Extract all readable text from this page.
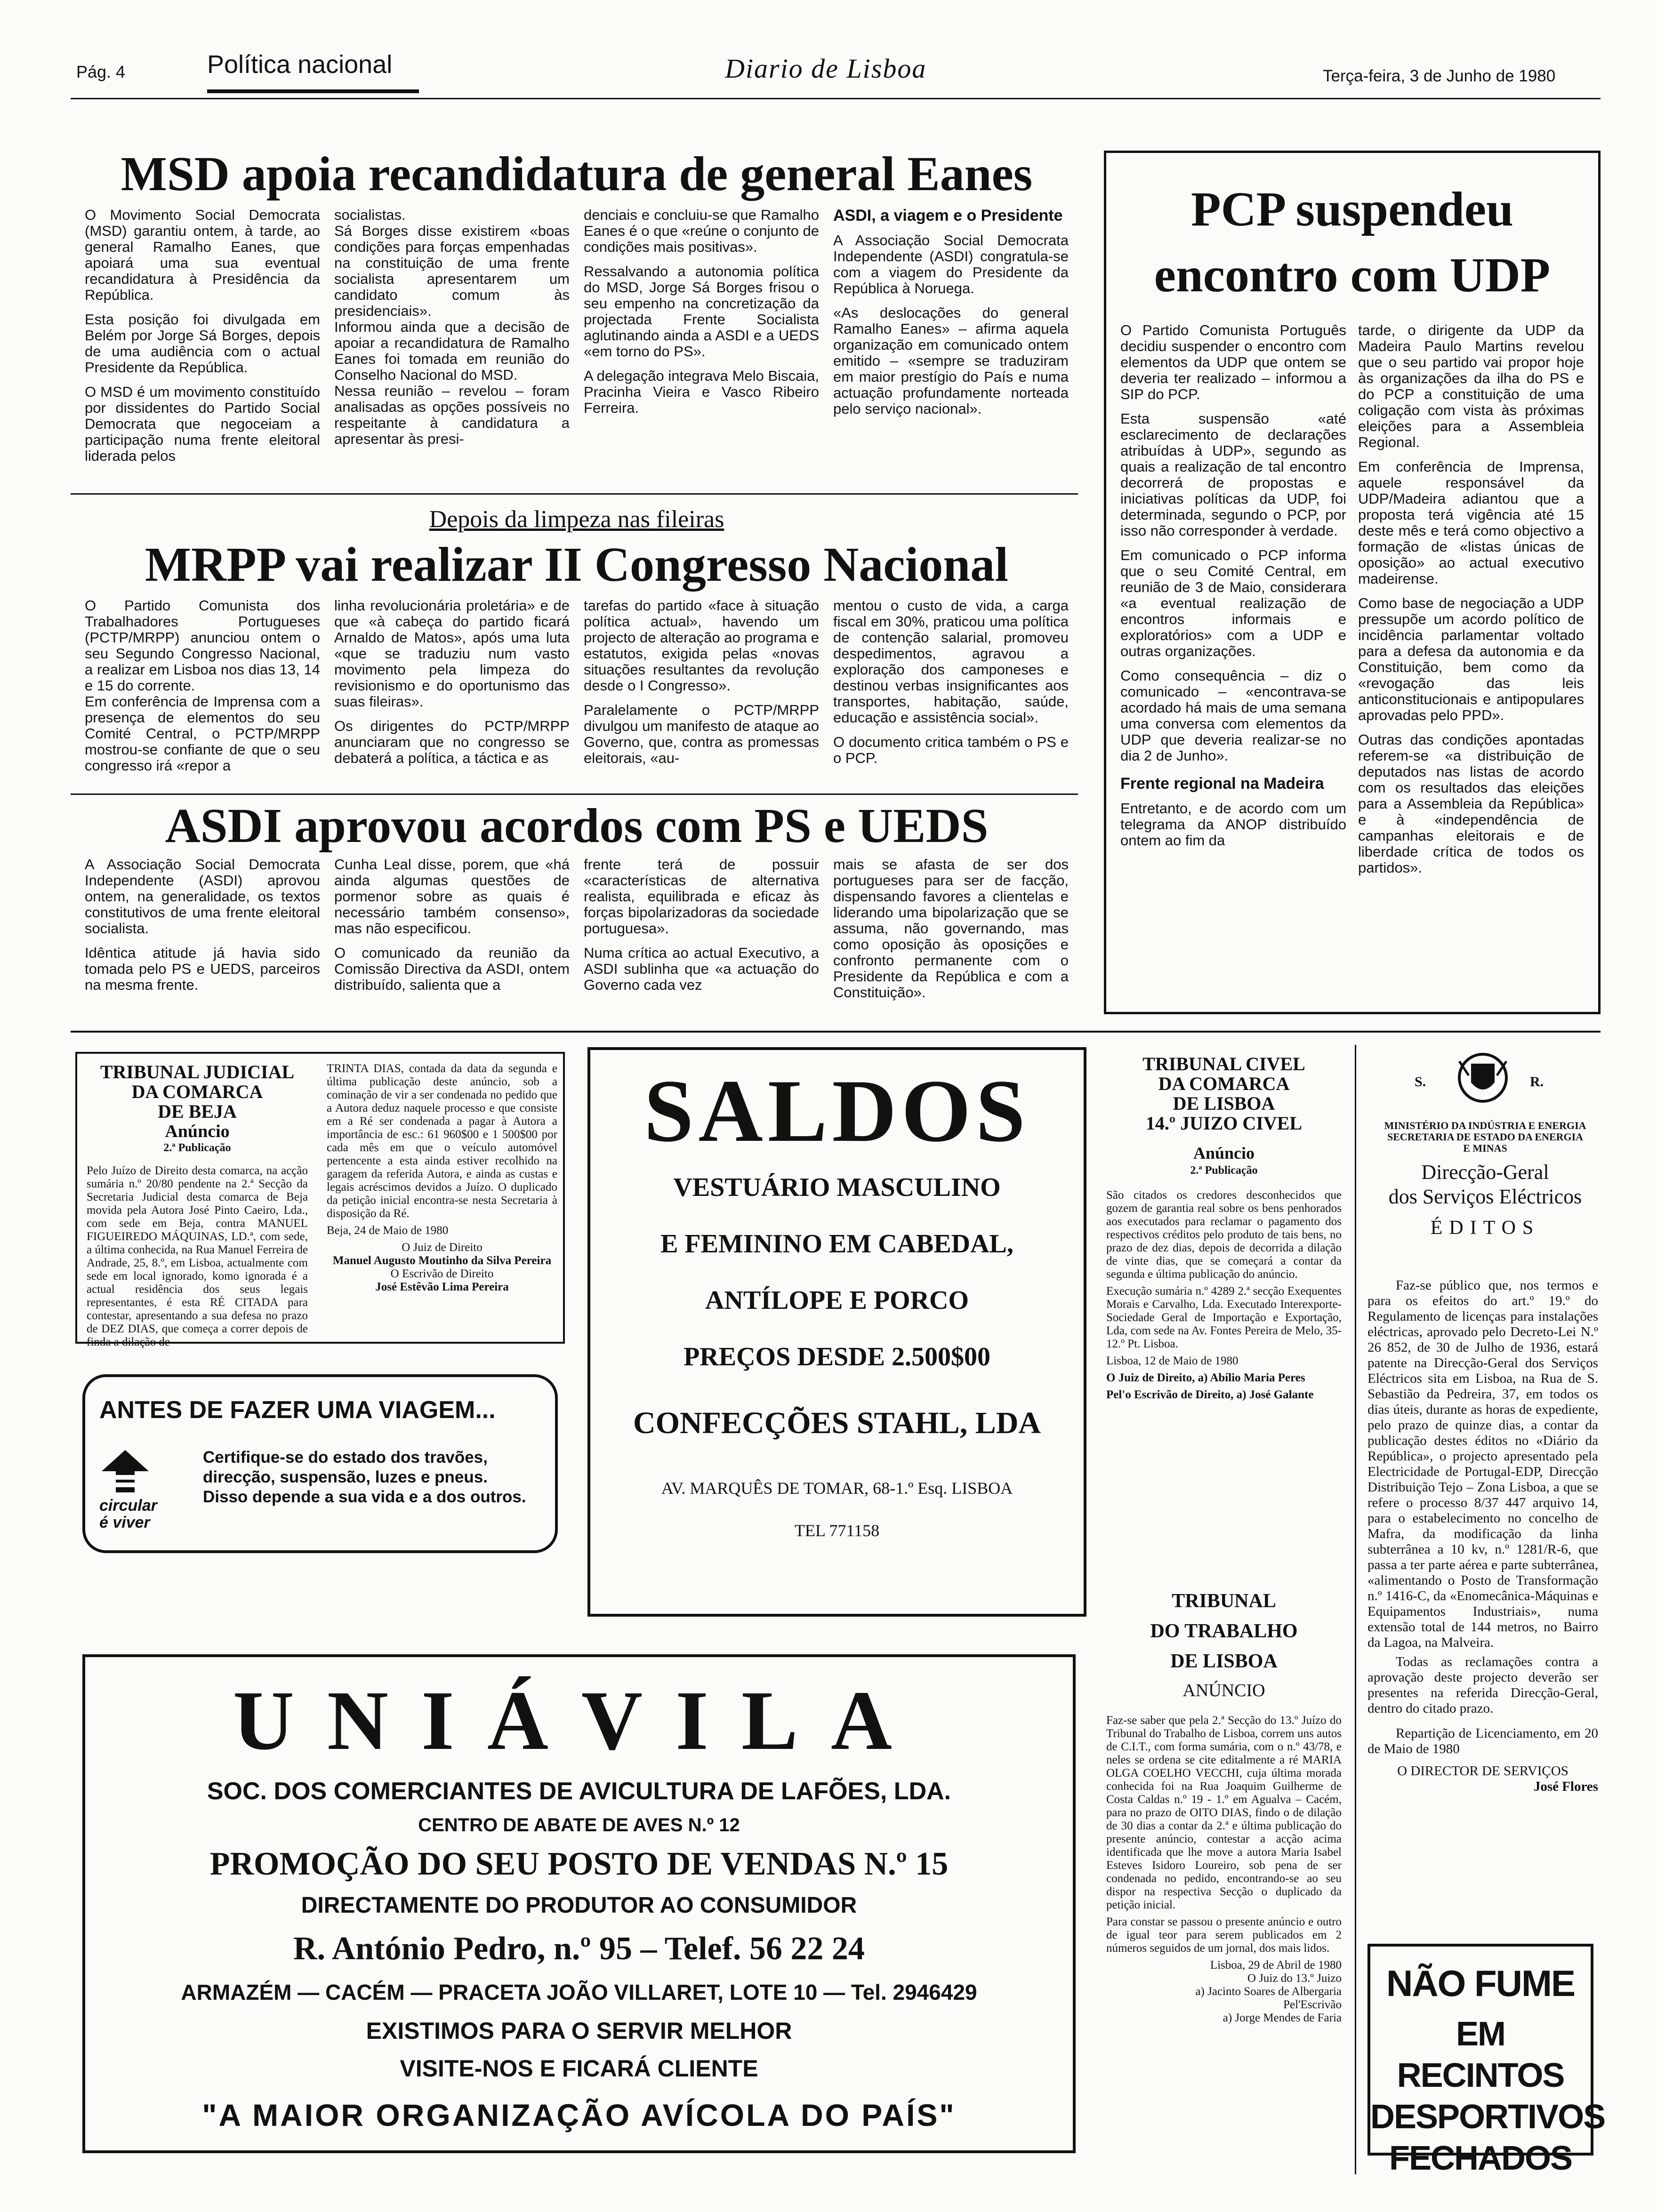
Pág. 4	Política nacional	Diario de Lisboa	Terça-feira, 3 de Junho de 1980
MSD apoia recandidatura de general Eanes

O Movimento Social Democrata (MSD) garantiu ontem, à tarde, ao general Ramalho Eanes, que apoiará uma sua eventual recandidatura à Presidência da República.

Esta posição foi divulgada em Belém por Jorge Sá Borges, depois de uma audiência com o actual Presidente da República.

O MSD é um movimento constituído por dissidentes do Partido Social Democrata que negoceiam a participação numa frente eleitoral liderada pelos

socialistas.

Sá Borges disse existirem «boas condições para forças empenhadas na constituição de uma frente socialista apresentarem um candidato comum às presidenciais».

Informou ainda que a decisão de apoiar a recandidatura de Ramalho Eanes foi tomada em reunião do Conselho Nacional do MSD.

Nessa reunião – revelou – foram analisadas as opções possíveis no respeitante à candidatura a apresentar às presi-

denciais e concluiu-se que Ramalho Eanes é o que «reúne o conjunto de condições mais positivas».

Ressalvando a autonomia política do MSD, Jorge Sá Borges frisou o seu empenho na concretização da projectada Frente Socialista aglutinando ainda a ASDI e a UEDS «em torno do PS».

A delegação integrava Melo Biscaia, Pracinha Vieira e Vasco Ribeiro Ferreira.

ASDI, a viagem e o Presidente

A Associação Social Democrata Independente (ASDI) congratula-se com a viagem do Presidente da República à Noruega.

«As deslocações do general Ramalho Eanes» – afirma aquela organização em comunicado ontem emitido – «sempre se traduziram em maior prestígio do País e numa actuação profundamente norteada pelo serviço nacional».

Depois da limpeza nas fileiras
MRPP vai realizar II Congresso Nacional

O Partido Comunista dos Trabalhadores Portugueses (PCTP/MRPP) anunciou ontem o seu Segundo Congresso Nacional, a realizar em Lisboa nos dias 13, 14 e 15 do corrente.

Em conferência de Imprensa com a presença de elementos do seu Comité Central, o PCTP/MRPP mostrou-se confiante de que o seu congresso irá «repor a

linha revolucionária proletária» e de que «à cabeça do partido ficará Arnaldo de Matos», após uma luta «que se traduziu num vasto movimento pela limpeza do revisionismo e do oportunismo das suas fileiras».

Os dirigentes do PCTP/MRPP anunciaram que no congresso se debaterá a política, a táctica e as

tarefas do partido «face à situação política actual», havendo um projecto de alteração ao programa e estatutos, exigida pelas «novas situações resultantes da revolução desde o I Congresso».

Paralelamente o PCTP/MRPP divulgou um manifesto de ataque ao Governo, que, contra as promessas eleitorais, «au-

mentou o custo de vida, a carga fiscal em 30%, praticou uma política de contenção salarial, promoveu despedimentos, agravou a exploração dos camponeses e destinou verbas insignificantes aos transportes, habitação, saúde, educação e assistência social».

O documento critica também o PS e o PCP.

ASDI aprovou acordos com PS e UEDS

A Associação Social Democrata Independente (ASDI) aprovou ontem, na generalidade, os textos constitutivos de uma frente eleitoral socialista.

Idêntica atitude já havia sido tomada pelo PS e UEDS, parceiros na mesma frente.

Cunha Leal disse, porem, que «há ainda algumas questões de pormenor sobre as quais é necessário também consenso», mas não especificou.

O comunicado da reunião da Comissão Directiva da ASDI, ontem distribuído, salienta que a

frente terá de possuir «características de alternativa realista, equilibrada e eficaz às forças bipolarizadoras da sociedade portuguesa».

Numa crítica ao actual Executivo, a ASDI sublinha que «a actuação do Governo cada vez

mais se afasta de ser dos portugueses para ser de facção, dispensando favores a clientelas e liderando uma bipolarização que se assuma, não governando, mas como oposição às oposições e confronto permanente com o Presidente da República e com a Constituição».

PCP suspendeu
encontro com UDP

O Partido Comunista Português decidiu suspender o encontro com elementos da UDP que ontem se deveria ter realizado – informou a SIP do PCP.

Esta suspensão «até esclarecimento de declarações atribuídas à UDP», segundo as quais a realização de tal encontro decorrerá de propostas e iniciativas políticas da UDP, foi determinada, segundo o PCP, por isso não corresponder à verdade.

Em comunicado o PCP informa que o seu Comité Central, em reunião de 3 de Maio, considerara «a eventual realização de encontros informais e exploratórios» com a UDP e outras organizações.

Como consequência – diz o comunicado – «encontrava-se acordado há mais de uma semana uma conversa com elementos da UDP que deveria realizar-se no dia 2 de Junho».

Frente regional na Madeira

Entretanto, e de acordo com um telegrama da ANOP distribuído ontem ao fim da

tarde, o dirigente da UDP da Madeira Paulo Martins revelou que o seu partido vai propor hoje às organizações da ilha do PS e do PCP a constituição de uma coligação com vista às próximas eleições para a Assembleia Regional.

Em conferência de Imprensa, aquele responsável da UDP/Madeira adiantou que a proposta terá vigência até 15 deste mês e terá como objectivo a formação de «listas únicas de oposição» ao actual executivo madeirense.

Como base de negociação a UDP pressupõe um acordo político de incidência parlamentar voltado para a defesa da autonomia e da Constituição, bem como da «revogação das leis anticonstitucionais e antipopulares aprovadas pelo PPD».

Outras das condições apontadas referem-se «a distribuição de deputados nas listas de acordo com os resultados das eleições para a Assembleia da República» e à «independência de campanhas eleitorais e de liberdade crítica de todos os partidos».

TRIBUNAL JUDICIAL
DA COMARCA
DE BEJA
Anúncio
2.ª Publicação

Pelo Juízo de Direito desta comarca, na acção sumária n.º 20/80 pendente na 2.ª Secção da Secretaria Judicial desta comarca de Beja movida pela Autora José Pinto Caeiro, Lda., com sede em Beja, contra MANUEL FIGUEIREDO MÁQUINAS, LD.ª, com sede, a última conhecida, na Rua Manuel Ferreira de Andrade, 25, 8.º, em Lisboa, actualmente com sede em local ignorado, komo ignorada é a actual residência dos seus legais representantes, é esta RÉ CITADA para contestar, apresentando a sua defesa no prazo de DEZ DIAS, que começa a correr depois de finda a dilação de

TRINTA DIAS, contada da data da segunda e última publicação deste anúncio, sob a cominação de vir a ser condenada no pedido que a Autora deduz naquele processo e que consiste em a Ré ser condenada a pagar à Autora a importância de esc.: 61 960$00 e 1 500$00 por cada mês em que o veículo automóvel pertencente a esta ainda estiver recolhido na garagem da referida Autora, e ainda as custas e legais acréscimos devidos a Juízo. O duplicado da petição inicial encontra-se nesta Secretaria à disposição da Ré.

Beja, 24 de Maio de 1980

O Juiz de Direito
Manuel Augusto Moutinho da Silva Pereira
O Escrivão de Direito
José Estêvão Lima Pereira
ANTES DE FAZER UMA VIAGEM...
circular
é viver
Certifique-se do estado dos travões,
direcção, suspensão, luzes e pneus.
Disso depende a sua vida e a dos outros.
SALDOS
VESTUÁRIO MASCULINO
E FEMININO EM CABEDAL,
ANTÍLOPE E PORCO
PREÇOS DESDE 2.500$00
CONFECÇÕES STAHL, LDA
AV. MARQUÊS DE TOMAR, 68-1.º Esq. LISBOA
TEL 771158
TRIBUNAL CIVEL
DA COMARCA
DE LISBOA
14.º JUIZO CIVEL
Anúncio
2.ª Publicação

São citados os credores desconhecidos que gozem de garantia real sobre os bens penhorados aos executados para reclamar o pagamento dos respectivos créditos pelo produto de tais bens, no prazo de dez dias, depois de decorrida a dilação de vinte dias, que se começará a contar da segunda e última publicação do anúncio.

Execução sumária n.º 4289 2.ª secção Exequentes Morais e Carvalho, Lda. Executado Interexporte-Sociedade Geral de Importação e Exportação, Lda, com sede na Av. Fontes Pereira de Melo, 35-12.º Pt. Lisboa.

Lisboa, 12 de Maio de 1980

O Juiz de Direito, a) Abílio Maria Peres

Pel'o Escrivão de Direito, a) José Galante

TRIBUNAL
DO TRABALHO
DE LISBOA
ANÚNCIO

Faz-se saber que pela 2.ª Secção do 13.º Juízo do Tribunal do Trabalho de Lisboa, correm uns autos de C.I.T., com forma sumária, com o n.º 43/78, e neles se ordena se cite editalmente a ré MARIA OLGA COELHO VECCHI, cuja última morada conhecida foi na Rua Joaquim Guilherme de Costa Caldas n.º 19 - 1.º em Agualva – Cacém, para no prazo de OITO DIAS, findo o de dilação de 30 dias a contar da 2.ª e última publicação do presente anúncio, contestar a acção acima identificada que lhe move a autora Maria Isabel Esteves Isidoro Loureiro, sob pena de ser condenada no pedido, encontrando-se ao seu dispor na respectiva Secção o duplicado da petição inicial.

Para constar se passou o presente anúncio e outro de igual teor para serem publicados em 2 números seguidos de um jornal, dos mais lidos.

Lisboa, 29 de Abril de 1980
O Juiz do 13.º Juizo
a) Jacinto Soares de Albergaria
Pel'Escrivão
a) Jorge Mendes de Faria
S.	R.
MINISTÉRIO DA INDÚSTRIA E ENERGIA
SECRETARIA DE ESTADO DA ENERGIA
E MINAS
Direcção-Geral
dos Serviços Eléctricos
ÉDITOS

Faz-se público que, nos termos e para os efeitos do art.º 19.º do Regulamento de licenças para instalações eléctricas, aprovado pelo Decreto-Lei N.º 26 852, de 30 de Julho de 1936, estará patente na Direcção-Geral dos Serviços Eléctricos sita em Lisboa, na Rua de S. Sebastião da Pedreira, 37, em todos os dias úteis, durante as horas de expediente, pelo prazo de quinze dias, a contar da publicação destes éditos no «Diário da República», o projecto apresentado pela Electricidade de Portugal-EDP, Direcção Distribuição Tejo – Zona Lisboa, a que se refere o processo 8/37 447 arquivo 14, para o estabelecimento no concelho de Mafra, da modificação da linha subterrânea a 10 kv, n.º 1281/R-6, que passa a ter parte aérea e parte subterrânea, «alimentando o Posto de Transformação n.º 1416-C, da «Enomecânica-Máquinas e Equipamentos Industriais», numa extensão total de 144 metros, no Bairro da Lagoa, na Malveira.

Todas as reclamações contra a aprovação deste projecto deverão ser presentes na referida Direcção-Geral, dentro do citado prazo.

Repartição de Licenciamento, em 20 de Maio de 1980

O DIRECTOR DE SERVIÇOS
José Flores
NÃO FUME
EM RECINTOS
DESPORTIVOS
FECHADOS
UNIÁVILA
SOC. DOS COMERCIANTES DE AVICULTURA DE LAFÕES, LDA.
CENTRO DE ABATE DE AVES N.º 12
PROMOÇÃO DO SEU POSTO DE VENDAS N.º 15
DIRECTAMENTE DO PRODUTOR AO CONSUMIDOR
R. António Pedro, n.º 95 – Telef. 56 22 24
ARMAZÉM — CACÉM — PRACETA JOÃO VILLARET, LOTE 10 — Tel. 2946429
EXISTIMOS PARA O SERVIR MELHOR
VISITE-NOS E FICARÁ CLIENTE
"A MAIOR ORGANIZAÇÃO AVÍCOLA DO PAÍS"
